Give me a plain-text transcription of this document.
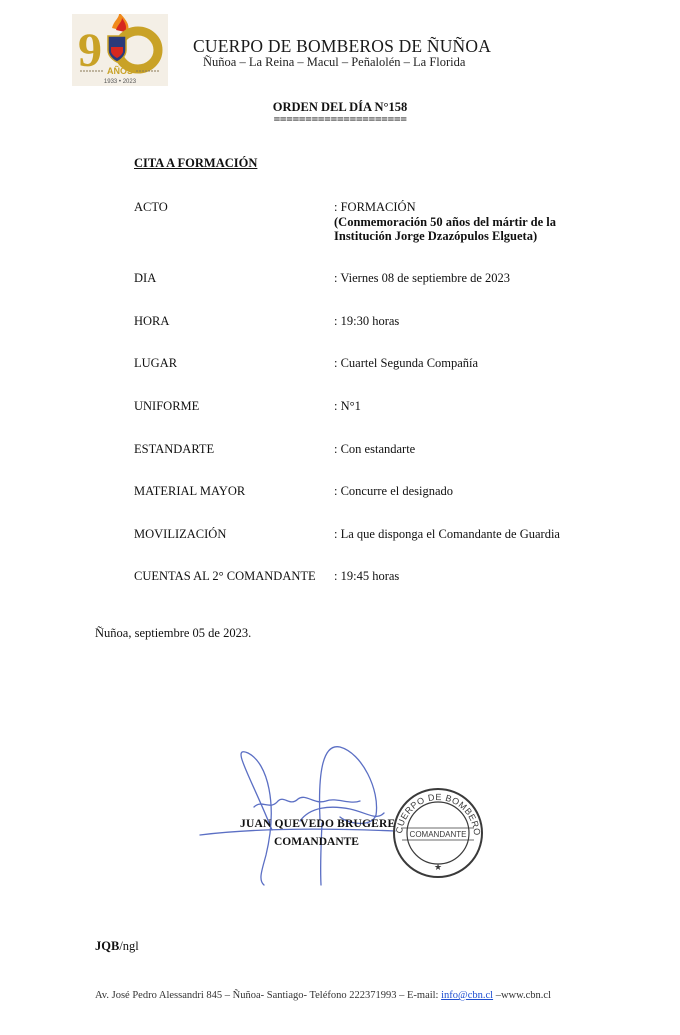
9 AÑOS
1933 • 2023
CUERPO DE BOMBEROS DE ÑUÑOA
Ñuñoa – La Reina – Macul – Peñalolén – La Florida
ORDEN DEL DÍA N°158
=====================
CITA A FORMACIÓN
ACTO	: FORMACIÓN
(Conmemoración 50 años del mártir de la
Institución Jorge Dzazópulos Elgueta)
DIA	: Viernes 08 de septiembre de 2023
HORA	: 19:30 horas
LUGAR	: Cuartel Segunda Compañía
UNIFORME	: N°1
ESTANDARTE	: Con estandarte
MATERIAL MAYOR	: Concurre el designado
MOVILIZACIÓN	: La que disponga el Comandante de Guardia
CUENTAS AL 2° COMANDANTE : 19:45 horas
Ñuñoa, septiembre 05 de 2023.
CUERPO DE BOMBERO
COMANDANTE
★
JUAN QUEVEDO BRUGERE
COMANDANTE
JQB/ngl
Av. José Pedro Alessandri 845 – Ñuñoa- Santiago- Teléfono 222371993 – E-mail: info@cbn.cl –www.cbn.cl
